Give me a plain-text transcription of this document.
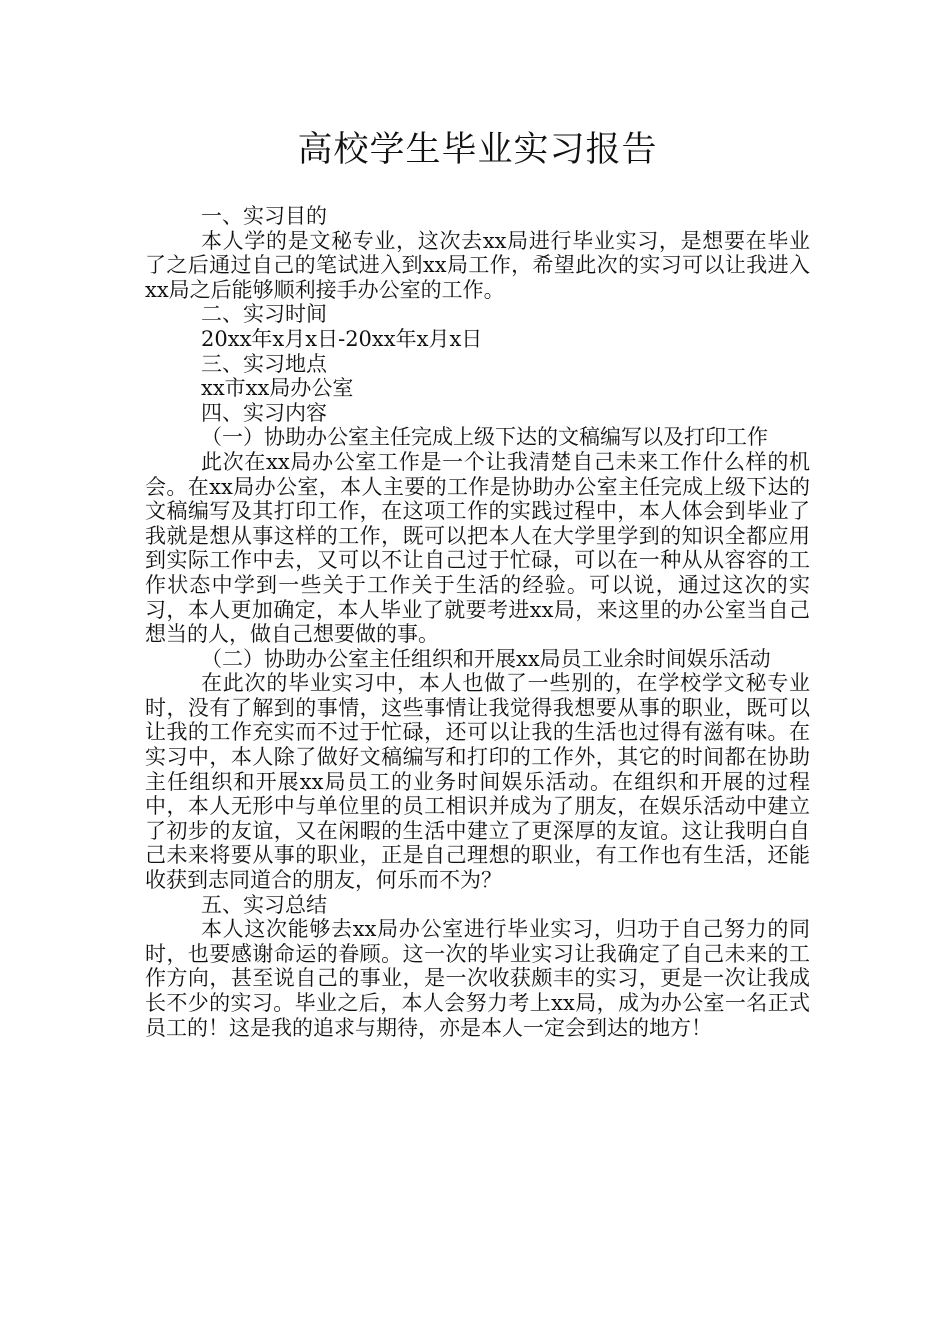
高校学生毕业实习报告

一、实习目的

本人学的是文秘专业，这次去xx局进行毕业实习，是想要在毕业了之后通过自己的笔试进入到xx局工作，希望此次的实习可以让我进入xx局之后能够顺利接手办公室的工作。

二、实习时间

20xx年x月x日-20xx年x月x日

三、实习地点

xx市xx局办公室

四、实习内容

（一）协助办公室主任完成上级下达的文稿编写以及打印工作

此次在xx局办公室工作是一个让我清楚自己未来工作什么样的机会。在xx局办公室，本人主要的工作是协助办公室主任完成上级下达的文稿编写及其打印工作，在这项工作的实践过程中，本人体会到毕业了我就是想从事这样的工作，既可以把本人在大学里学到的知识全都应用到实际工作中去，又可以不让自己过于忙碌，可以在一种从从容容的工作状态中学到一些关于工作关于生活的经验。可以说，通过这次的实习，本人更加确定，本人毕业了就要考进xx局，来这里的办公室当自己想当的人，做自己想要做的事。

（二）协助办公室主任组织和开展xx局员工业余时间娱乐活动

在此次的毕业实习中，本人也做了一些别的，在学校学文秘专业时，没有了解到的事情，这些事情让我觉得我想要从事的职业，既可以让我的工作充实而不过于忙碌，还可以让我的生活也过得有滋有味。在实习中，本人除了做好文稿编写和打印的工作外，其它的时间都在协助主任组织和开展xx局员工的业务时间娱乐活动。在组织和开展的过程中，本人无形中与单位里的员工相识并成为了朋友，在娱乐活动中建立了初步的友谊，又在闲暇的生活中建立了更深厚的友谊。这让我明白自己未来将要从事的职业，正是自己理想的职业，有工作也有生活，还能收获到志同道合的朋友，何乐而不为？

五、实习总结

本人这次能够去xx局办公室进行毕业实习，归功于自己努力的同时，也要感谢命运的眷顾。这一次的毕业实习让我确定了自己未来的工作方向，甚至说自己的事业，是一次收获颇丰的实习，更是一次让我成长不少的实习。毕业之后，本人会努力考上xx局，成为办公室一名正式员工的！这是我的追求与期待，亦是本人一定会到达的地方！
